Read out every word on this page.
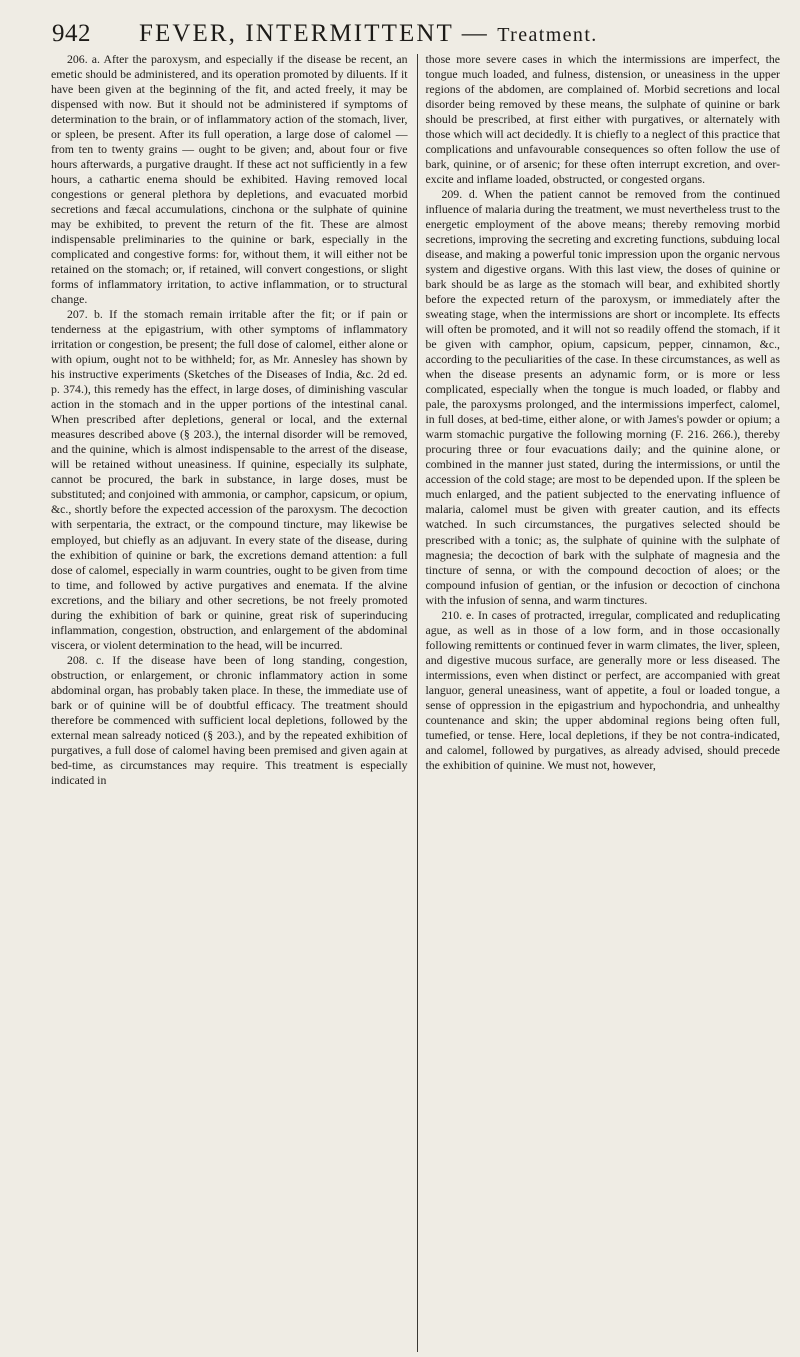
942 FEVER, INTERMITTENT — Treatment.

206. a. After the paroxysm, and especially if the disease be recent, an emetic should be administered, and its operation promoted by diluents. If it have been given at the beginning of the fit, and acted freely, it may be dispensed with now. But it should not be administered if symptoms of determination to the brain, or of inflammatory action of the stomach, liver, or spleen, be present. After its full operation, a large dose of calomel — from ten to twenty grains — ought to be given; and, about four or five hours afterwards, a purgative draught. If these act not sufficiently in a few hours, a cathartic enema should be exhibited. Having removed local congestions or general plethora by depletions, and evacuated morbid secretions and fæcal accumulations, cinchona or the sulphate of quinine may be exhibited, to prevent the return of the fit. These are almost indispensable preliminaries to the quinine or bark, especially in the complicated and congestive forms: for, without them, it will either not be retained on the stomach; or, if retained, will convert congestions, or slight forms of inflammatory irritation, to active inflammation, or to structural change.

207. b. If the stomach remain irritable after the fit; or if pain or tenderness at the epigastrium, with other symptoms of inflammatory irritation or congestion, be present; the full dose of calomel, either alone or with opium, ought not to be withheld; for, as Mr. Annesley has shown by his instructive experiments (Sketches of the Diseases of India, &c. 2d ed. p. 374.), this remedy has the effect, in large doses, of diminishing vascular action in the stomach and in the upper portions of the intestinal canal. When prescribed after depletions, general or local, and the external measures described above (§ 203.), the internal disorder will be removed, and the quinine, which is almost indispensable to the arrest of the disease, will be retained without uneasiness. If quinine, especially its sulphate, cannot be procured, the bark in substance, in large doses, must be substituted; and conjoined with ammonia, or camphor, capsicum, or opium, &c., shortly before the expected accession of the paroxysm. The decoction with serpentaria, the extract, or the compound tincture, may likewise be employed, but chiefly as an adjuvant. In every state of the disease, during the exhibition of quinine or bark, the excretions demand attention: a full dose of calomel, especially in warm countries, ought to be given from time to time, and followed by active purgatives and enemata. If the alvine excretions, and the biliary and other secretions, be not freely promoted during the exhibition of bark or quinine, great risk of superinducing inflammation, congestion, obstruction, and enlargement of the abdominal viscera, or violent determination to the head, will be incurred.

208. c. If the disease have been of long standing, congestion, obstruction, or enlargement, or chronic inflammatory action in some abdominal organ, has probably taken place. In these, the immediate use of bark or of quinine will be of doubtful efficacy. The treatment should therefore be commenced with sufficient local depletions, followed by the external mean salready noticed (§ 203.), and by the repeated exhibition of purgatives, a full dose of calomel having been premised and given again at bed-time, as circumstances may require. This treatment is especially indicated in

those more severe cases in which the intermissions are imperfect, the tongue much loaded, and fulness, distension, or uneasiness in the upper regions of the abdomen, are complained of. Morbid secretions and local disorder being removed by these means, the sulphate of quinine or bark should be prescribed, at first either with purgatives, or alternately with those which will act decidedly. It is chiefly to a neglect of this practice that complications and unfavourable consequences so often follow the use of bark, quinine, or of arsenic; for these often interrupt excretion, and over-excite and inflame loaded, obstructed, or congested organs.

209. d. When the patient cannot be removed from the continued influence of malaria during the treatment, we must nevertheless trust to the energetic employment of the above means; thereby removing morbid secretions, improving the secreting and excreting functions, subduing local disease, and making a powerful tonic impression upon the organic nervous system and digestive organs. With this last view, the doses of quinine or bark should be as large as the stomach will bear, and exhibited shortly before the expected return of the paroxysm, or immediately after the sweating stage, when the intermissions are short or incomplete. Its effects will often be promoted, and it will not so readily offend the stomach, if it be given with camphor, opium, capsicum, pepper, cinnamon, &c., according to the peculiarities of the case. In these circumstances, as well as when the disease presents an adynamic form, or is more or less complicated, especially when the tongue is much loaded, or flabby and pale, the paroxysms prolonged, and the intermissions imperfect, calomel, in full doses, at bed-time, either alone, or with James's powder or opium; a warm stomachic purgative the following morning (F. 216. 266.), thereby procuring three or four evacuations daily; and the quinine alone, or combined in the manner just stated, during the intermissions, or until the accession of the cold stage; are most to be depended upon. If the spleen be much enlarged, and the patient subjected to the enervating influence of malaria, calomel must be given with greater caution, and its effects watched. In such circumstances, the purgatives selected should be prescribed with a tonic; as, the sulphate of quinine with the sulphate of magnesia; the decoction of bark with the sulphate of magnesia and the tincture of senna, or with the compound decoction of aloes; or the compound infusion of gentian, or the infusion or decoction of cinchona with the infusion of senna, and warm tinctures.

210. e. In cases of protracted, irregular, complicated and reduplicating ague, as well as in those of a low form, and in those occasionally following remittents or continued fever in warm climates, the liver, spleen, and digestive mucous surface, are generally more or less diseased. The intermissions, even when distinct or perfect, are accompanied with great languor, general uneasiness, want of appetite, a foul or loaded tongue, a sense of oppression in the epigastrium and hypochondria, and unhealthy countenance and skin; the upper abdominal regions being often full, tumefied, or tense. Here, local depletions, if they be not contra-indicated, and calomel, followed by purgatives, as already advised, should precede the exhibition of quinine. We must not, however,
